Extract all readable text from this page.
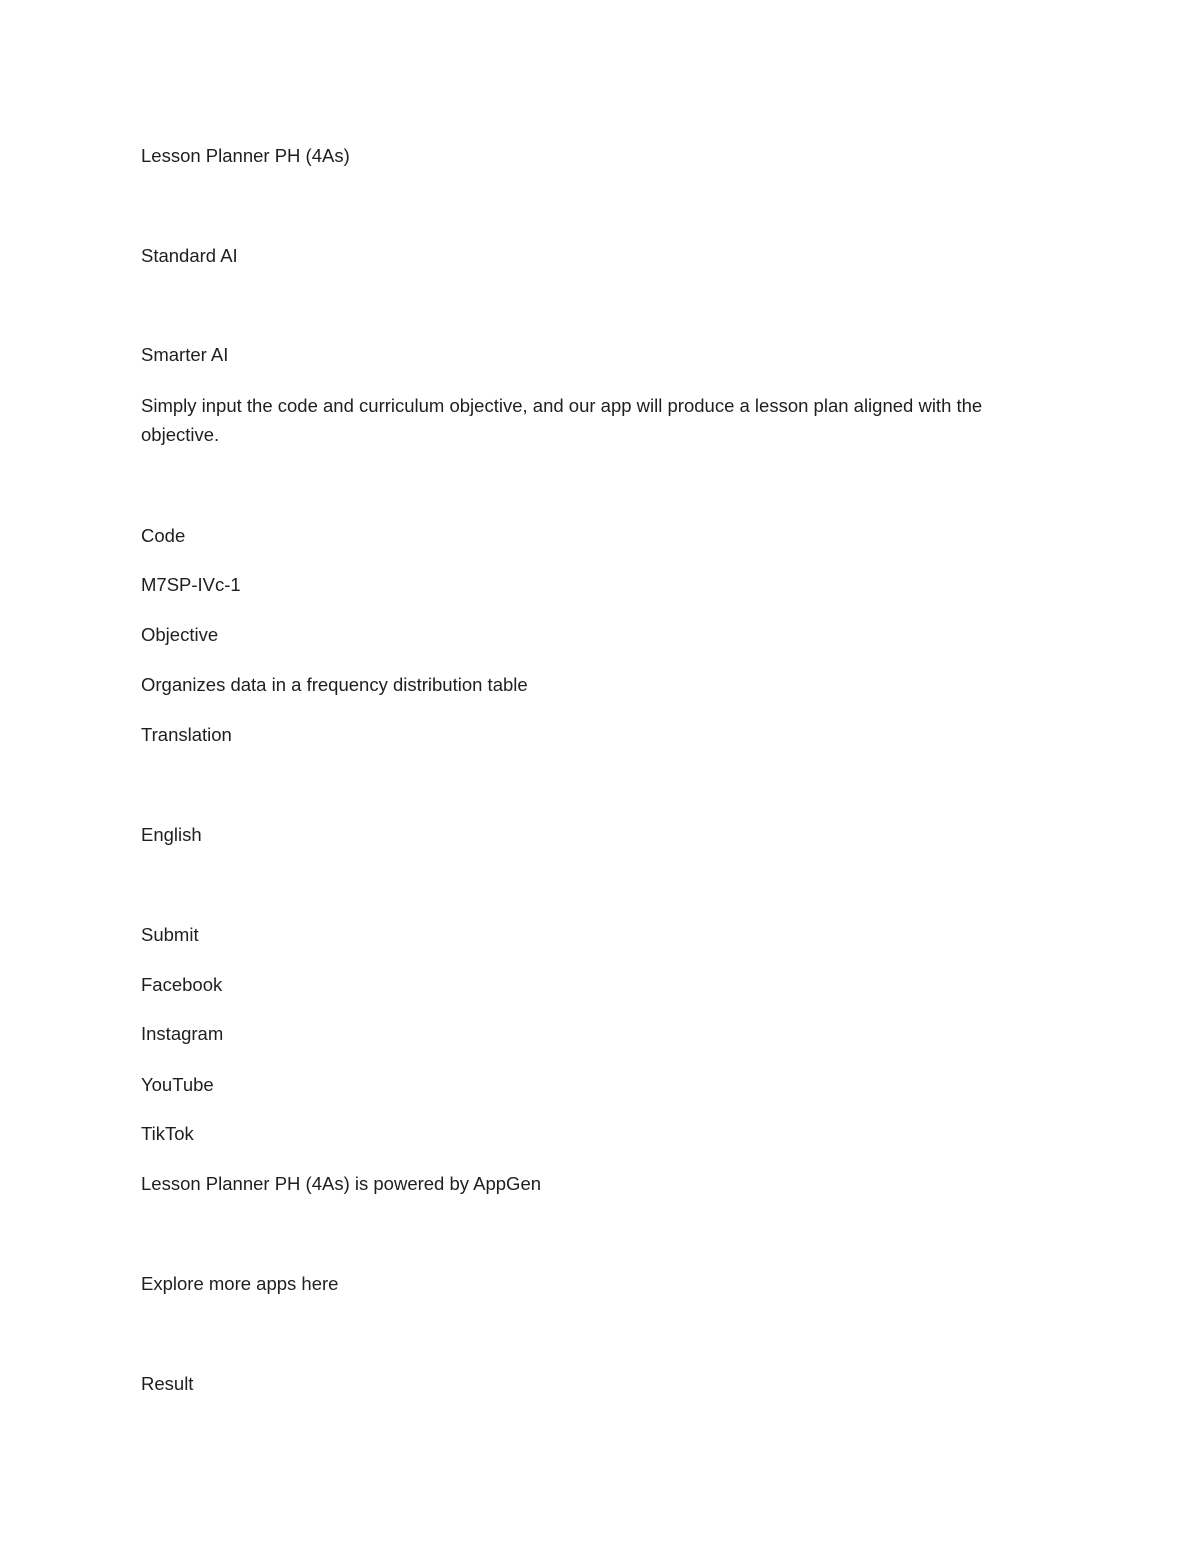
Lesson Planner PH (4As)
Standard AI
Smarter AI
Simply input the code and curriculum objective, and our app will produce a lesson plan aligned with the objective.
Code
M7SP-IVc-1
Objective
Organizes data in a frequency distribution table
Translation
English
Submit
Facebook
Instagram
YouTube
TikTok
Lesson Planner PH (4As) is powered by AppGen
Explore more apps here
Result
